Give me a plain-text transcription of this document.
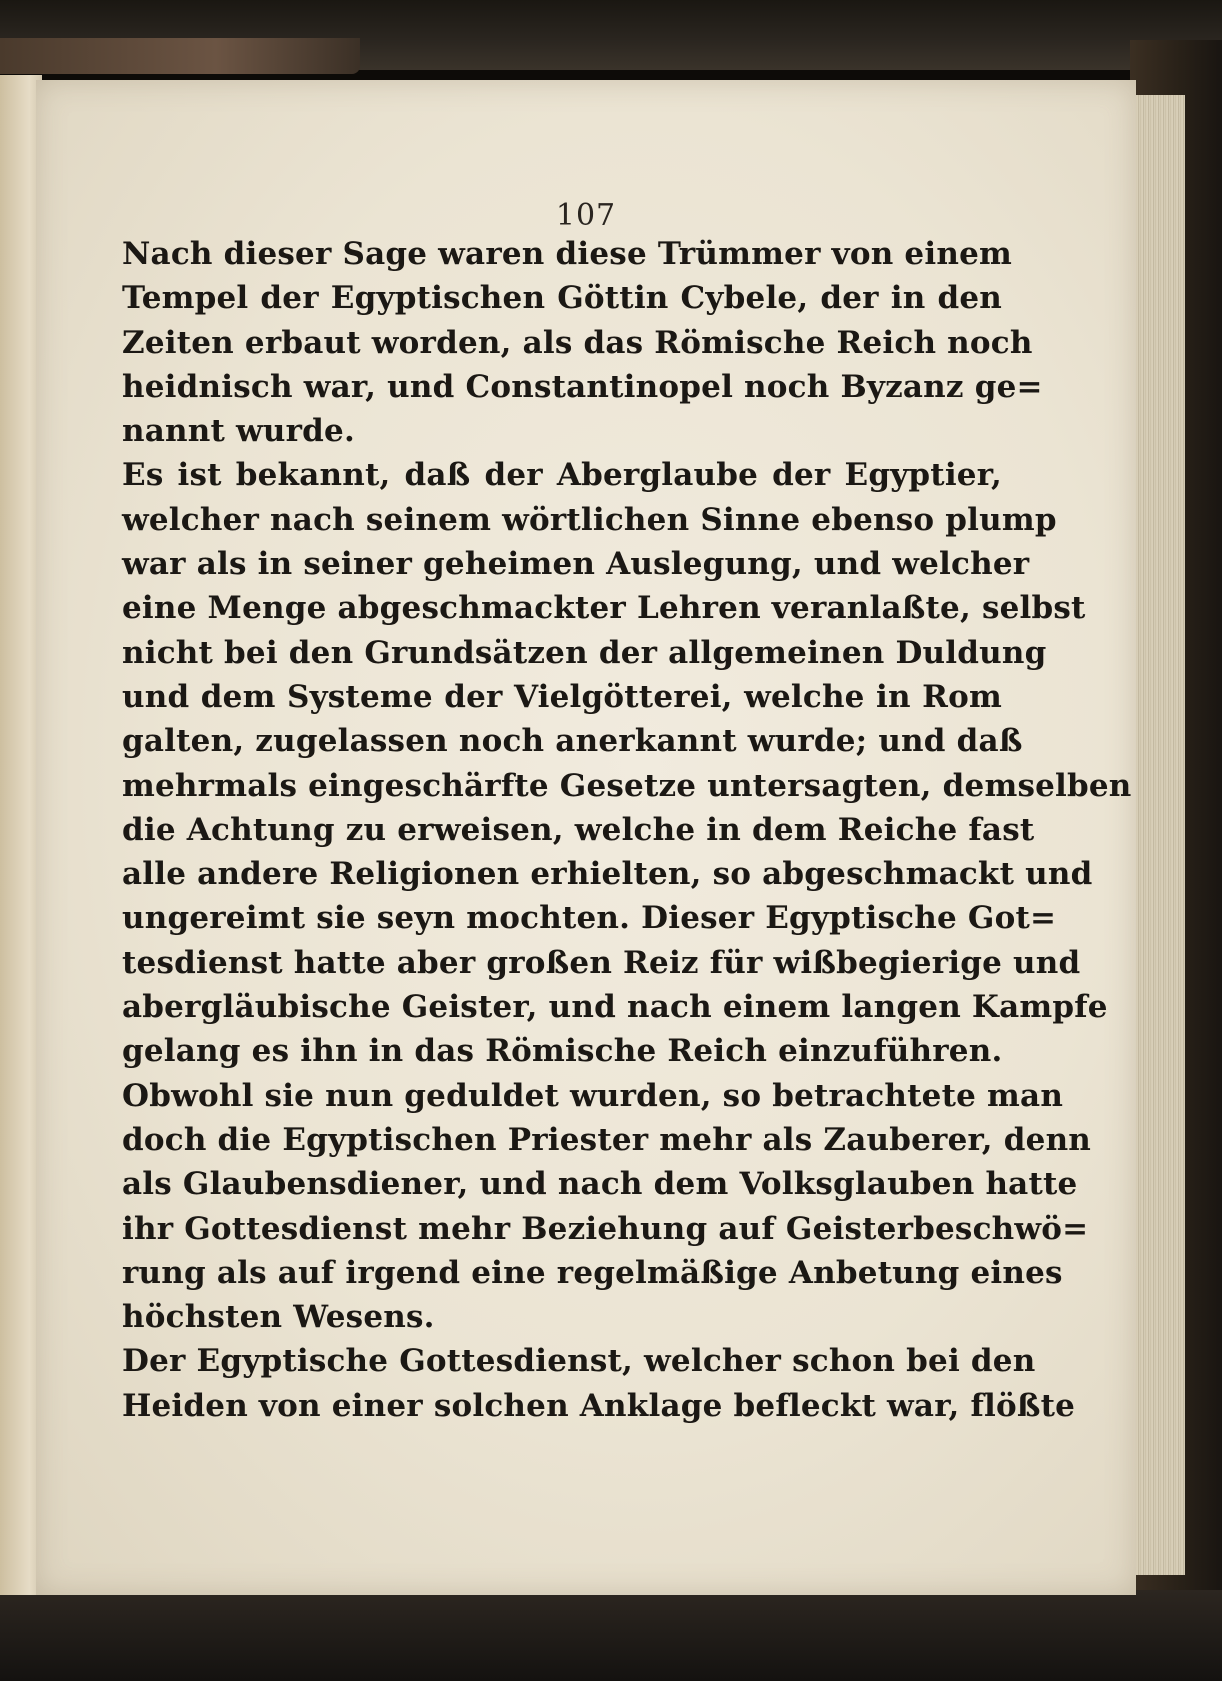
107

Nach dieser Sage waren diese Trümmer von einem
Tempel der Egyptischen Göttin Cybele, der in den
Zeiten erbaut worden, als das Römische Reich noch
heidnisch war, und Constantinopel noch Byzanz ge=
nannt wurde.
Es ist bekannt, daß der Aberglaube der Egyptier,
welcher nach seinem wörtlichen Sinne ebenso plump
war als in seiner geheimen Auslegung, und welcher
eine Menge abgeschmackter Lehren veranlaßte, selbst
nicht bei den Grundsätzen der allgemeinen Duldung
und dem Systeme der Vielgötterei, welche in Rom
galten, zugelassen noch anerkannt wurde; und daß
mehrmals eingeschärfte Gesetze untersagten, demselben
die Achtung zu erweisen, welche in dem Reiche fast
alle andere Religionen erhielten, so abgeschmackt und
ungereimt sie seyn mochten. Dieser Egyptische Got=
tesdienst hatte aber großen Reiz für wißbegierige und
abergläubische Geister, und nach einem langen Kampfe
gelang es ihn in das Römische Reich einzuführen.
Obwohl sie nun geduldet wurden, so betrachtete man
doch die Egyptischen Priester mehr als Zauberer, denn
als Glaubensdiener, und nach dem Volksglauben hatte
ihr Gottesdienst mehr Beziehung auf Geisterbeschwö=
rung als auf irgend eine regelmäßige Anbetung eines
höchsten Wesens.
Der Egyptische Gottesdienst, welcher schon bei den
Heiden von einer solchen Anklage befleckt war, flößte
